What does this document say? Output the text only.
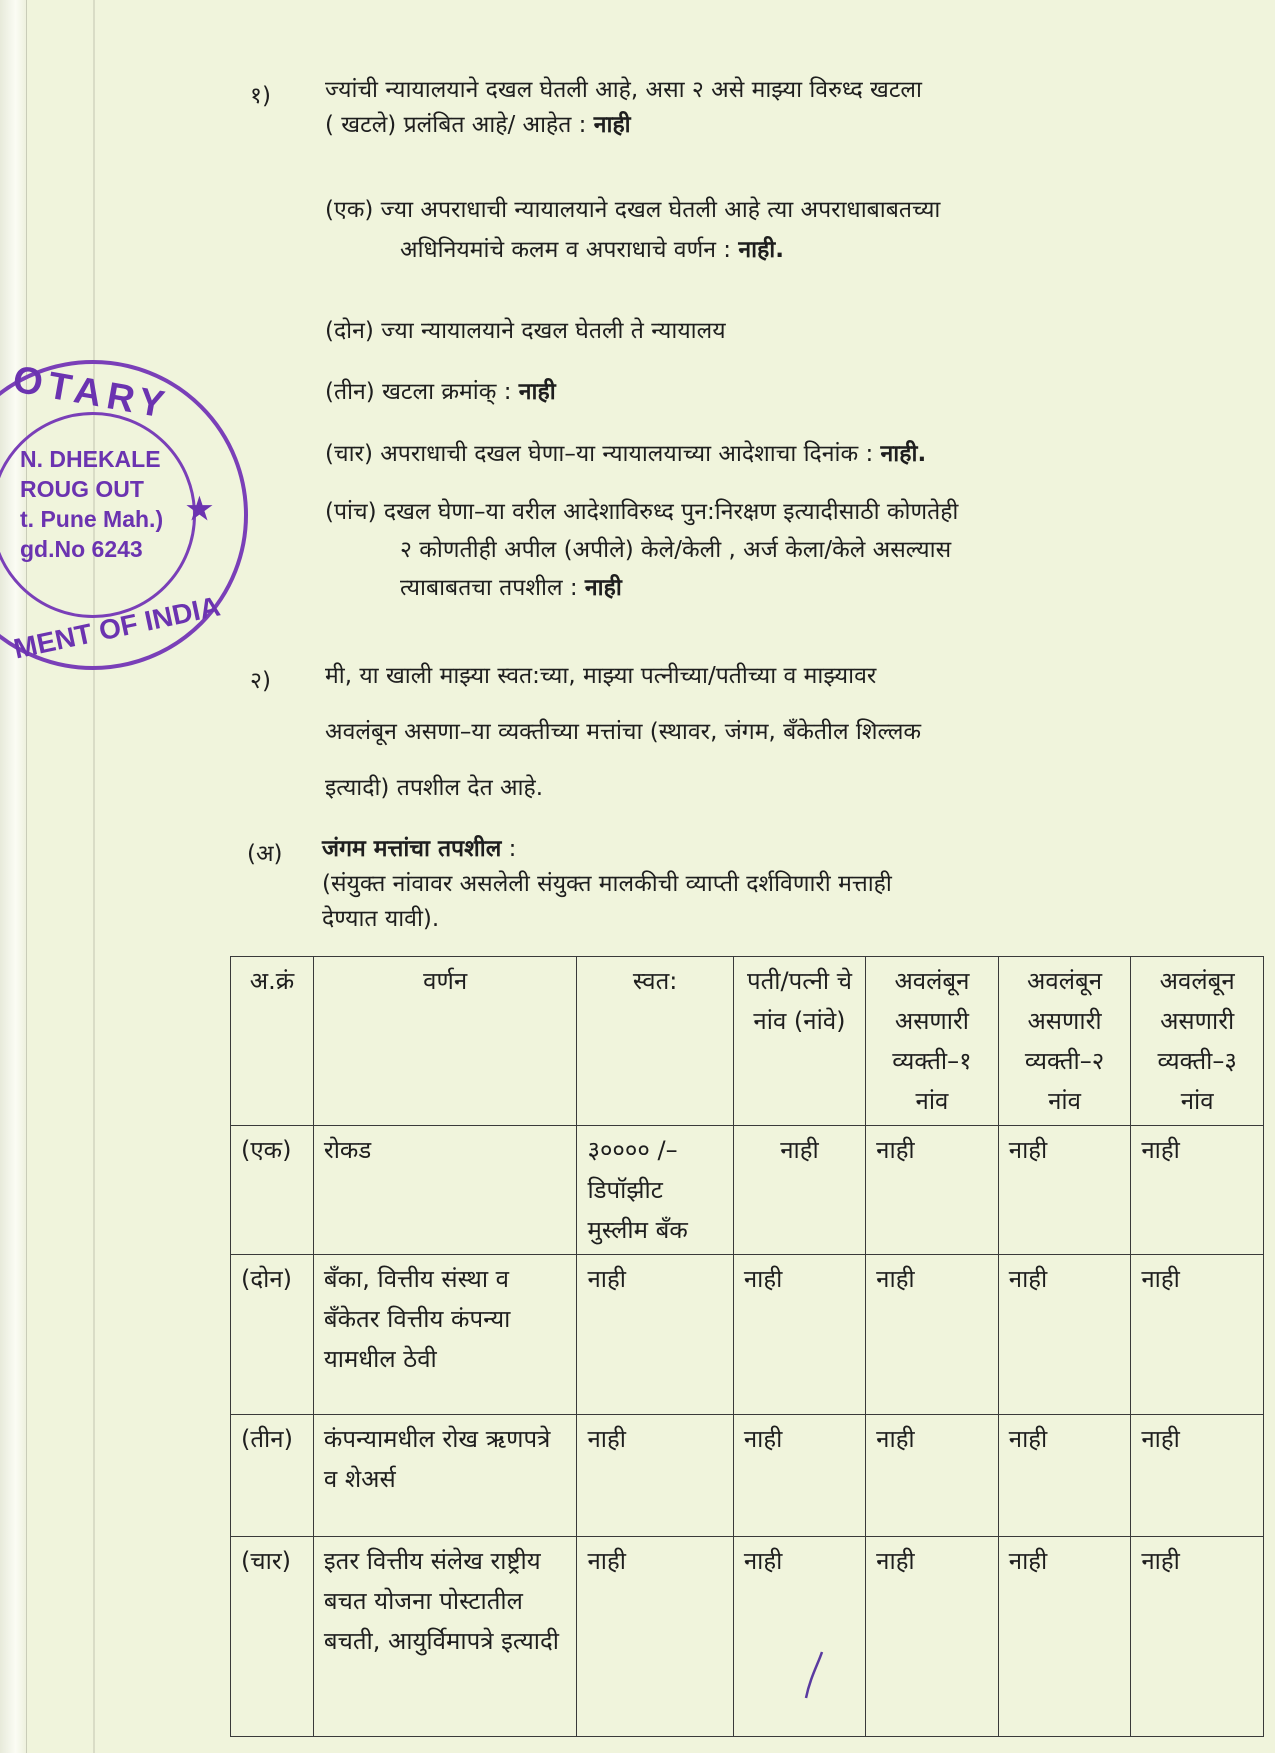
OTARY
N. DHEKALE
ROUG OUT
t. Pune Mah.)
gd.No 6243
MENT OF INDIA
★
१) ज्यांची न्यायालयाने दखल घेतली आहे, असा २ असे माझ्या विरुध्द खटला
( खटले) प्रलंबित आहे/ आहेत : नाही
(एक) ज्या अपराधाची न्यायालयाने दखल घेतली आहे त्या अपराधाबाबतच्या
अधिनियमांचे कलम व अपराधाचे वर्णन : नाही.
(दोन) ज्या न्यायालयाने दखल घेतली ते न्यायालय
(तीन) खटला क्रमांक् : नाही
(चार) अपराधाची दखल घेणा–या न्यायालयाच्या आदेशाचा दिनांक : नाही.
(पांच) दखल घेणा–या वरील आदेशाविरुध्द पुन:निरक्षण इत्यादीसाठी कोणतेही
२ कोणतीही अपील (अपीले) केले/केली , अर्ज केला/केले असल्यास
त्याबाबतचा तपशील : नाही
२) मी, या खाली माझ्या स्वत:च्या, माझ्या पत्नीच्या/पतीच्या व माझ्यावर
अवलंबून असणा–या व्यक्तीच्या मत्तांचा (स्थावर, जंगम, बँकेतील शिल्लक
इत्यादी) तपशील देत आहे.
(अ) जंगम मत्तांचा तपशील :
(संयुक्त नांवावर असलेली संयुक्त मालकीची व्याप्ती दर्शविणारी मत्ताही
देण्यात यावी).
अ.क्रं	वर्णन	स्वत:	पती/पत्नी चे नांव (नांवे)	अवलंबून असणारी व्यक्ती–१ नांव	अवलंबून असणारी व्यक्ती–२ नांव	अवलंबून असणारी व्यक्ती–३ नांव
(एक)	रोकड	३०००० /– डिपॉझीट मुस्लीम बँक	नाही	नाही	नाही	नाही
(दोन)	बँका, वित्तीय संस्था व बँकेतर वित्तीय कंपन्या यामधील ठेवी	नाही	नाही	नाही	नाही	नाही
(तीन)	कंपन्यामधील रोख ऋणपत्रे व शेअर्स	नाही	नाही	नाही	नाही	नाही
(चार)	इतर वित्तीय संलेख राष्ट्रीय बचत योजना पोस्टातील बचती, आयुर्विमापत्रे इत्यादी	नाही	नाही	नाही	नाही	नाही
